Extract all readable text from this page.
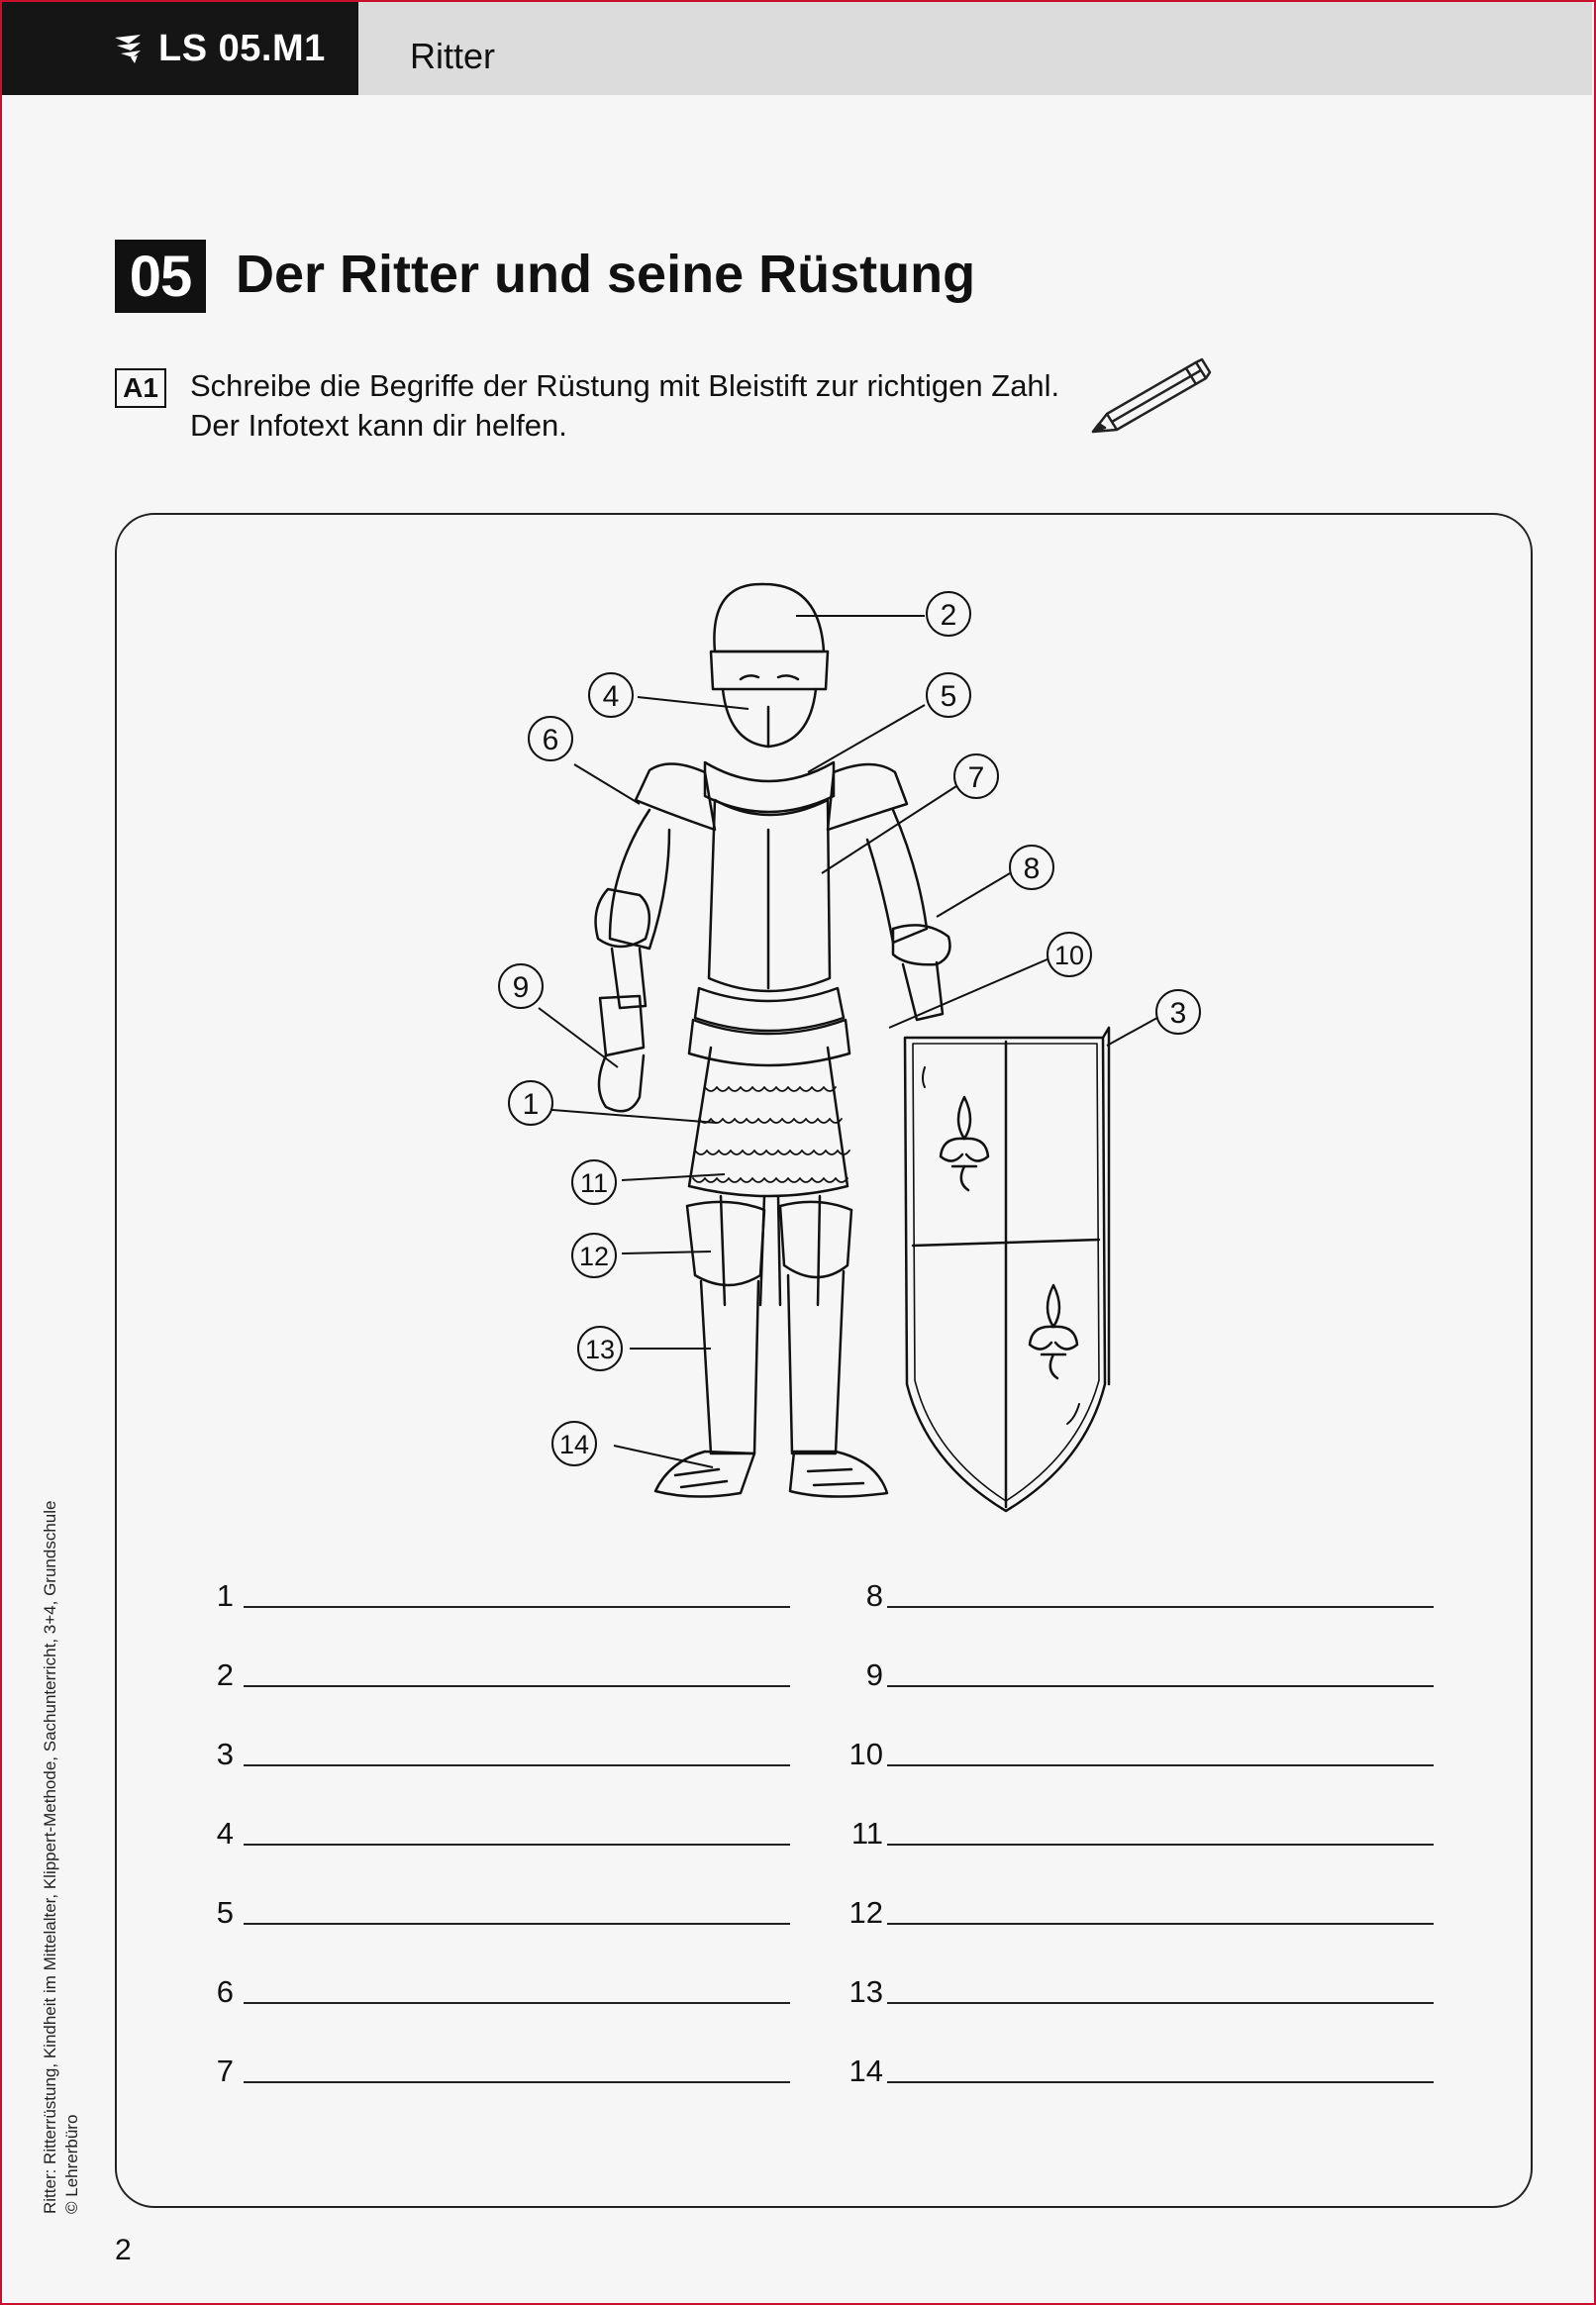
LS 05.M1 Ritter
05 Der Ritter und seine Rüstung
A1 Schreibe die Begriffe der Rüstung mit Bleistift zur richtigen Zahl.
Der Infotext kann dir helfen.
2
4	5
6
7
8
9
10
3
1
11
12
13
14
1
2
3
4
5
6
7
8
9
10
11
12
13
14
Ritter: Ritterrüstung, Kindheit im Mittelalter, Klippert-Methode, Sachunterricht, 3+4, Grundschule © Lehrerbüro
2
